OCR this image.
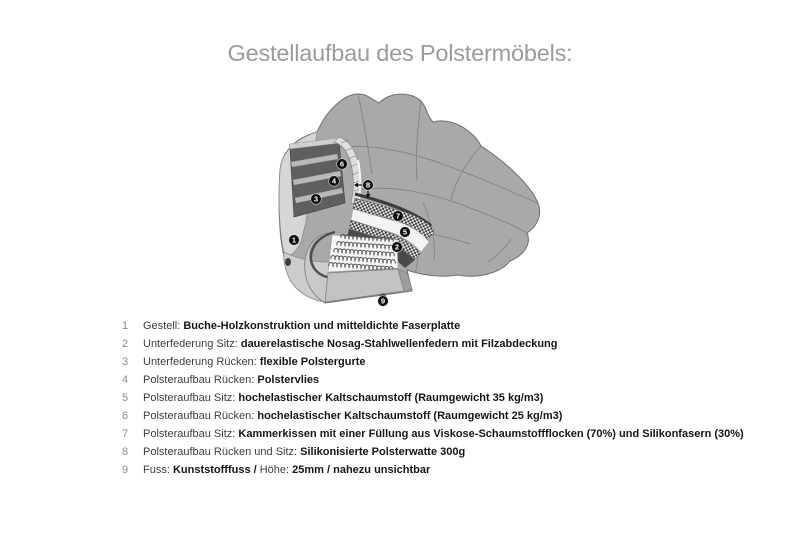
Gestellaufbau des Polstermöbels:
1
2
3
4
5
6
7
8
9
1	Gestell: Buche-Holzkonstruktion und mitteldichte Faserplatte
2	Unterfederung Sitz: dauerelastische Nosag-Stahlwellenfedern mit Filzabdeckung
3	Unterfederung Rücken: flexible Polstergurte
4	Polsteraufbau Rücken: Polstervlies
5	Polsteraufbau Sitz: hochelastischer Kaltschaumstoff (Raumgewicht 35 kg/m3)
6	Polsteraufbau Rücken: hochelastischer Kaltschaumstoff (Raumgewicht 25 kg/m3)
7	Polsteraufbau Sitz: Kammerkissen mit einer Füllung aus Viskose-Schaumstoffflocken (70%) und Silikonfasern (30%)
8	Polsteraufbau Rücken und Sitz: Silikonisierte Polsterwatte 300g
9	Fuss: Kunststofffuss / Höhe: 25mm / nahezu unsichtbar
